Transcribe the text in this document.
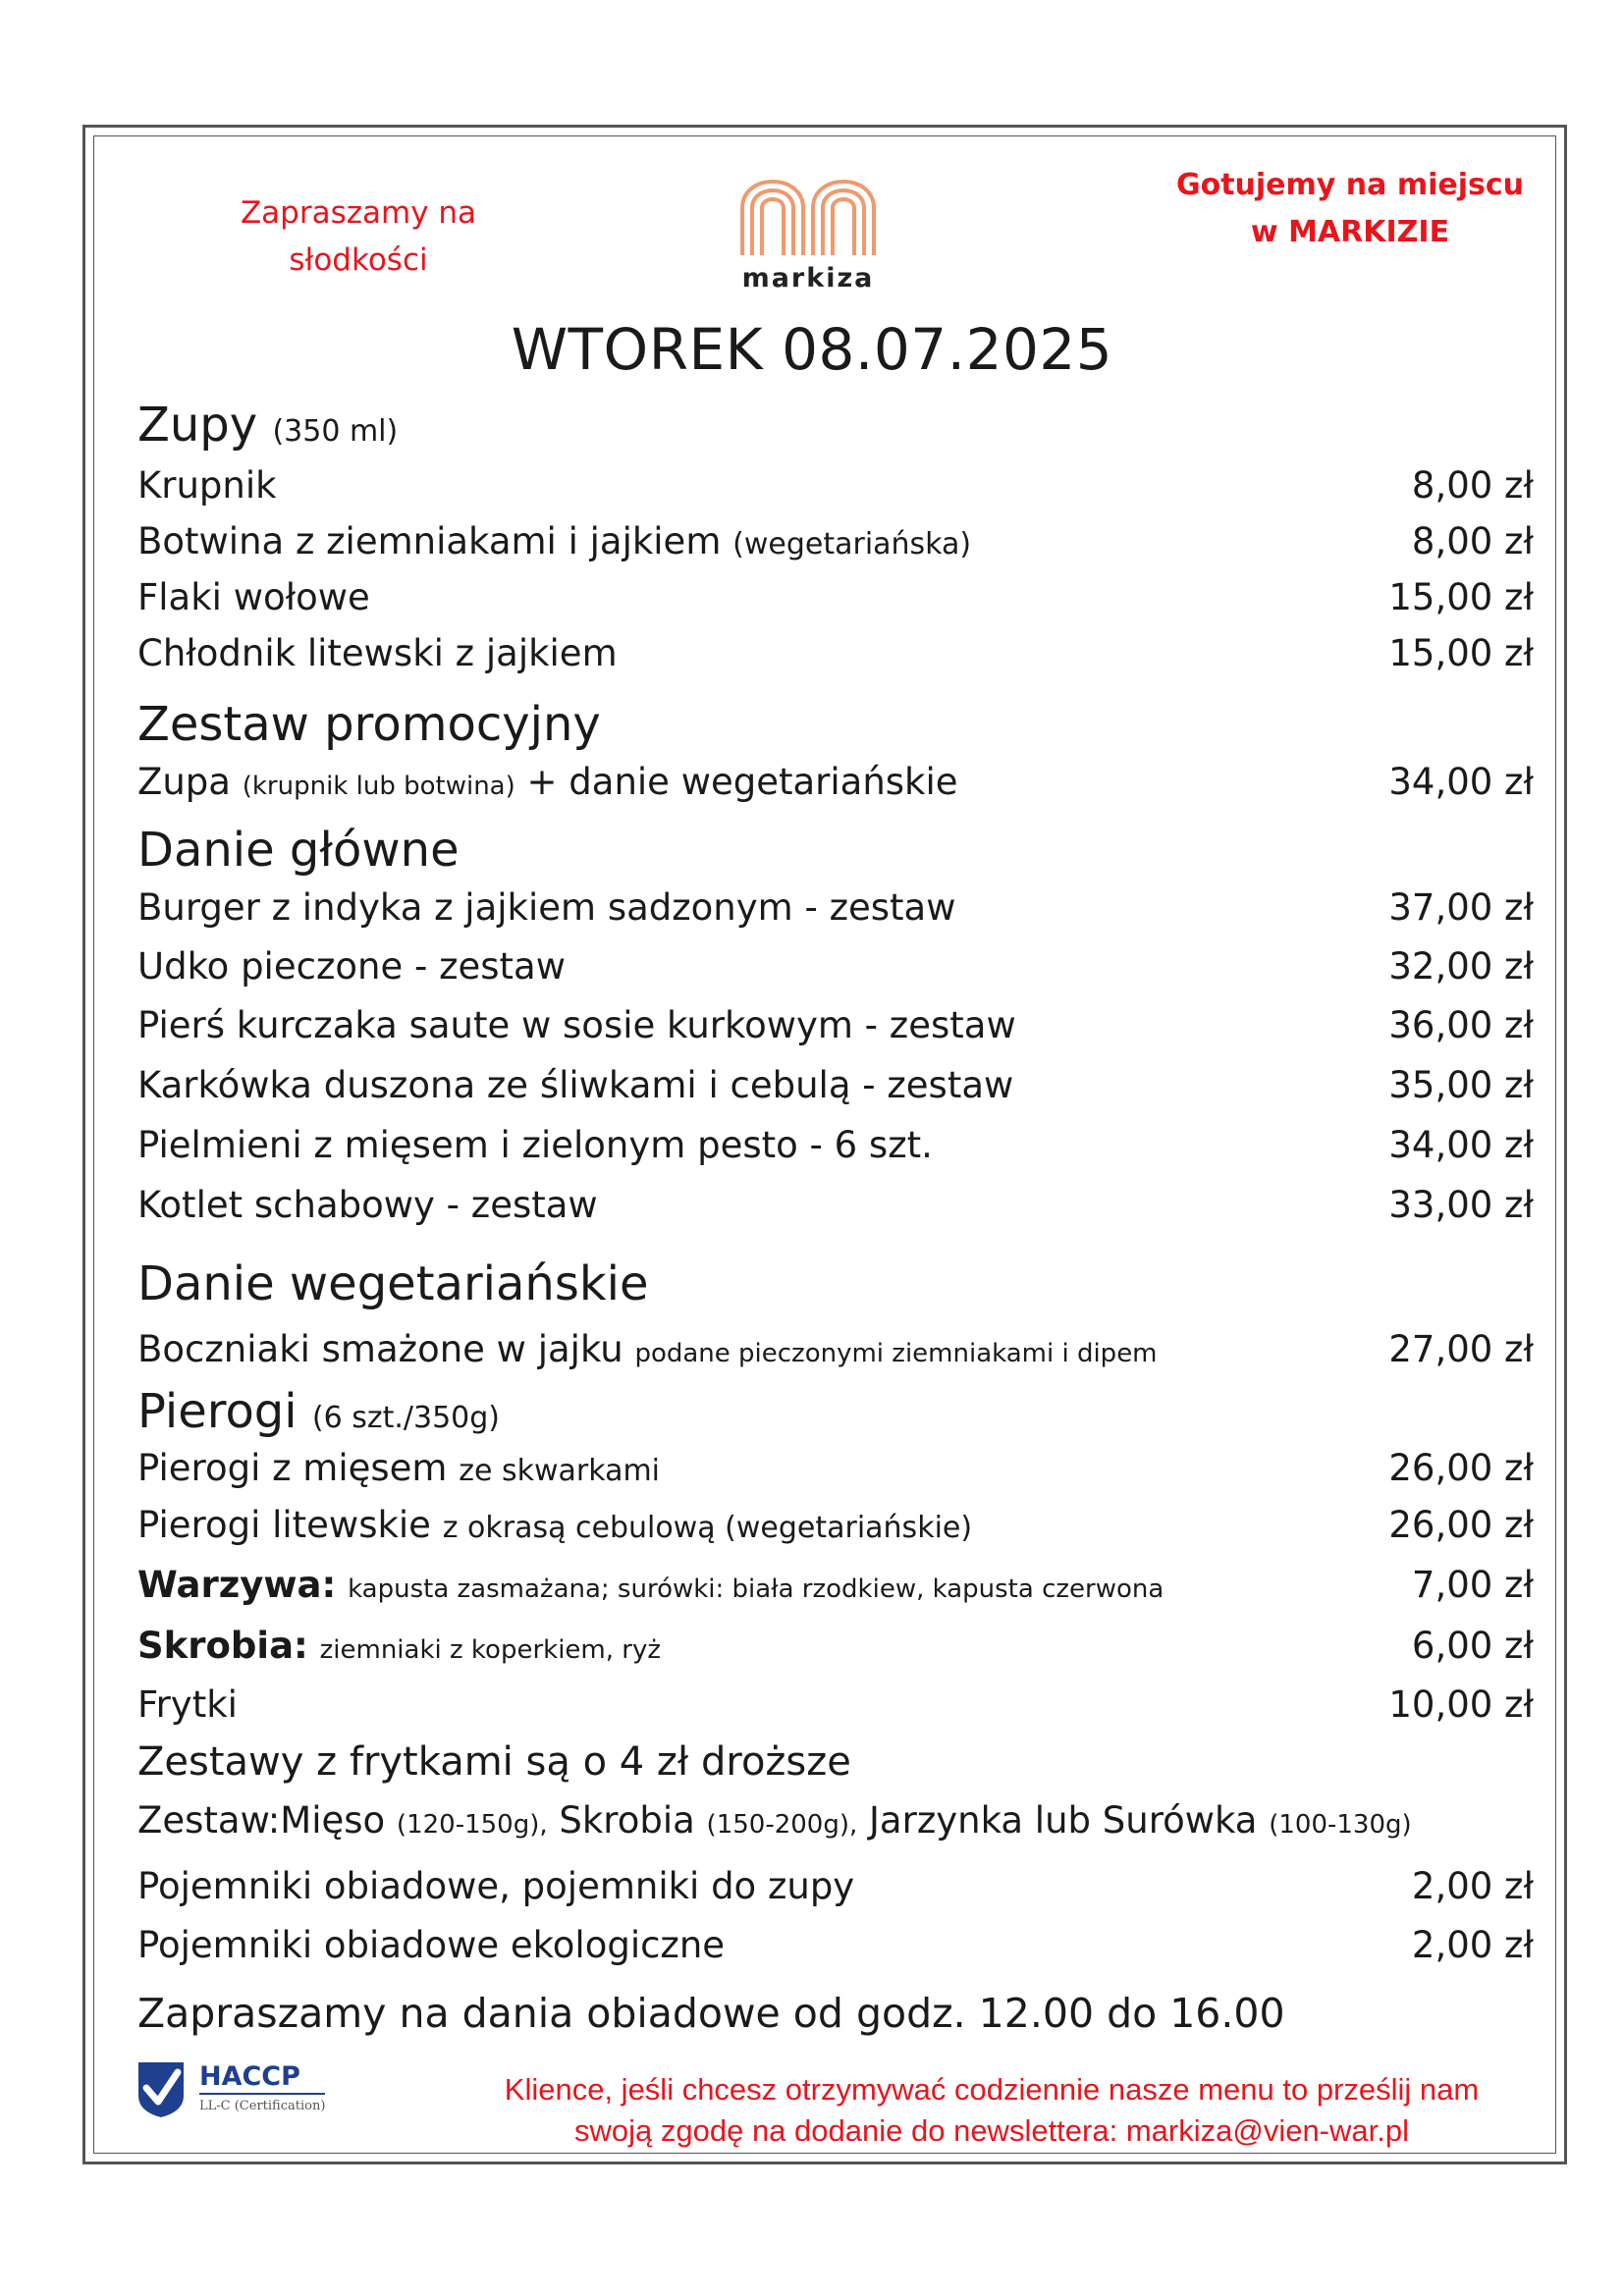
Zapraszamy na
słodkości
markiza
Gotujemy na miejscu
w MARKIZIE
WTOREK 08.07.2025
Zupy (350 ml)
Krupnik	8,00 zł
Botwina z ziemniakami i jajkiem (wegetariańska)	8,00 zł
Flaki wołowe	15,00 zł
Chłodnik litewski z jajkiem	15,00 zł
Zestaw promocyjny
Zupa (krupnik lub botwina) + danie wegetariańskie	34,00 zł
Danie główne
Burger z indyka z jajkiem sadzonym - zestaw	37,00 zł
Udko pieczone - zestaw	32,00 zł
Pierś kurczaka saute w sosie kurkowym - zestaw	36,00 zł
Karkówka duszona ze śliwkami i cebulą - zestaw	35,00 zł
Pielmieni z mięsem i zielonym pesto - 6 szt.	34,00 zł
Kotlet schabowy - zestaw	33,00 zł
Danie wegetariańskie
Boczniaki smażone w jajku podane pieczonymi ziemniakami i dipem	27,00 zł
Pierogi (6 szt./350g)
Pierogi z mięsem ze skwarkami	26,00 zł
Pierogi litewskie z okrasą cebulową (wegetariańskie)	26,00 zł
Warzywa: kapusta zasmażana; surówki: biała rzodkiew, kapusta czerwona	7,00 zł
Skrobia: ziemniaki z koperkiem, ryż	6,00 zł
Frytki	10,00 zł
Zestawy z frytkami są o 4 zł droższe
Zestaw:Mięso (120-150g), Skrobia (150-200g), Jarzynka lub Surówka (100-130g)
Pojemniki obiadowe, pojemniki do zupy	2,00 zł
Pojemniki obiadowe ekologiczne	2,00 zł
Zapraszamy na dania obiadowe od godz. 12.00 do 16.00
HACCP
LL-C (Certification)	Klience, jeśli chcesz otrzymywać codziennie nasze menu to prześlij nam
swoją zgodę na dodanie do newslettera: markiza@vien-war.pl
